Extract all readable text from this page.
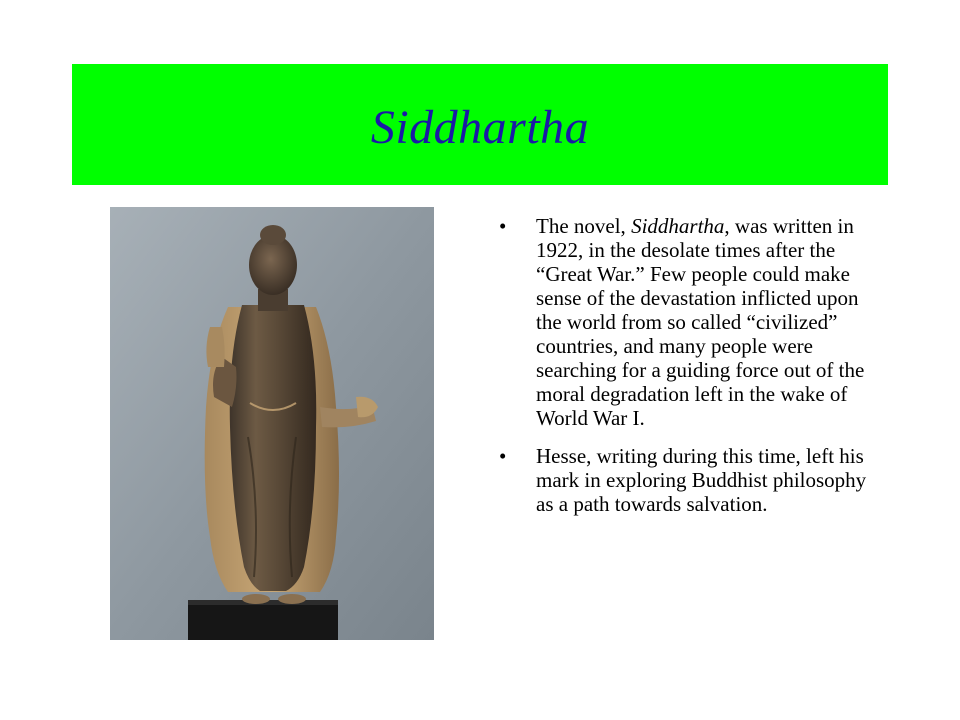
Siddhartha
• The novel, Siddhartha, was written in 1922, in the desolate times after the “Great War.” Few people could make sense of the devastation inflicted upon the world from so called “civilized” countries, and many people were searching for a guiding force out of the moral degradation left in the wake of World War I.
• Hesse, writing during this time, left his mark in exploring Buddhist philosophy as a path towards salvation.
